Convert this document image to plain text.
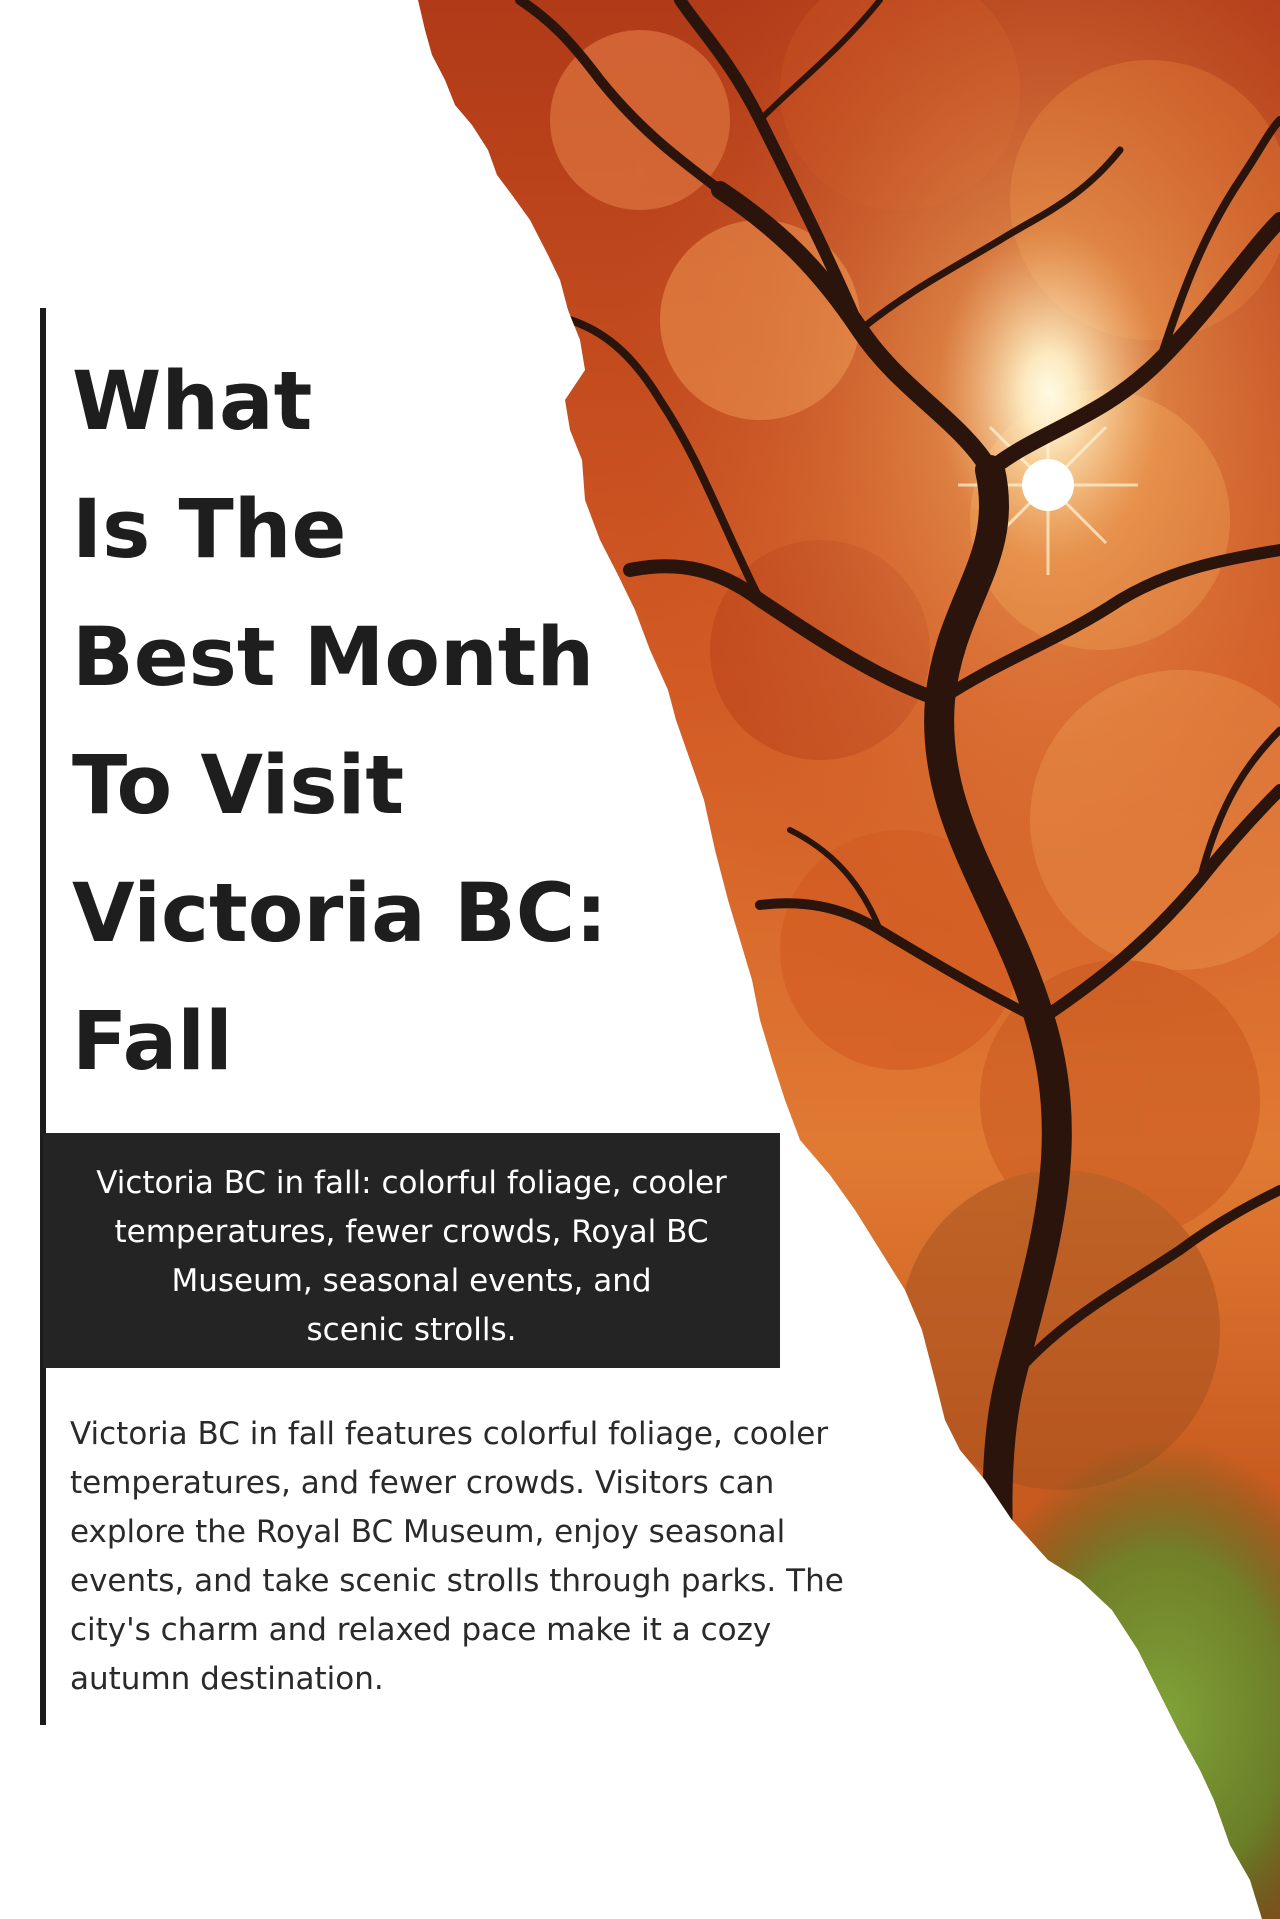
What
Is The
Best Month
To Visit
Victoria BC:
Fall
Victoria BC in fall: colorful foliage, cooler
temperatures, fewer crowds, Royal BC
Museum, seasonal events, and
scenic strolls.
Victoria BC in fall features colorful foliage, cooler
temperatures, and fewer crowds. Visitors can
explore the Royal BC Museum, enjoy seasonal
events, and take scenic strolls through parks. The
city's charm and relaxed pace make it a cozy
autumn destination.
